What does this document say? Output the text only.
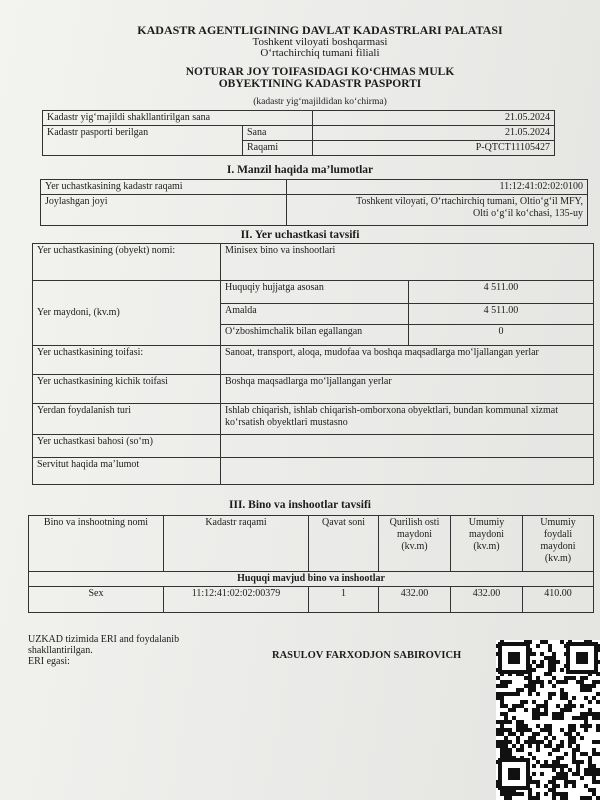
KADASTR AGENTLIGINING DAVLAT KADASTRLARI PALATASI
Toshkent viloyati boshqarmasi
O‘rtachirchiq tumani filiali
NOTURAR JOY TOIFASIDAGI KO‘CHMAS MULK
OBYEKTINING KADASTR PASPORTI
(kadastr yig‘majildidan ko‘chirma)
Kadastr yig‘majildi shakllantirilgan sana		21.05.2024
Kadastr pasporti berilgan	Sana	21.05.2024
	Raqami	P-QTCT11105427
I. Manzil haqida ma’lumotlar
Yer uchastkasining kadastr raqami	11:12:41:02:02:0100
Joylashgan joyi	Toshkent viloyati, O‘rtachirchiq tumani, Oltio‘g‘il MFY,
Olti o‘g‘il ko‘chasi, 135-uy
II. Yer uchastkasi tavsifi
Yer uchastkasining (obyekt) nomi:	Minisex bino va inshootlari	
Yer maydoni, (kv.m)	Huquqiy hujjatga asosan	4 511.00
	Amalda	4 511.00
	O‘zboshimchalik bilan egallangan	0
Yer uchastkasining toifasi:	Sanoat, transport, aloqa, mudofaa va boshqa maqsadlarga mo‘ljallangan yerlar	
Yer uchastkasining kichik toifasi	Boshqa maqsadlarga mo‘ljallangan yerlar	
Yerdan foydalanish turi	Ishlab chiqarish, ishlab chiqarish-omborxona obyektlari, bundan kommunal xizmat ko‘rsatish obyektlari mustasno	
Yer uchastkasi bahosi (so‘m)		
Servitut haqida ma’lumot		
III. Bino va inshootlar tavsifi
Bino va inshootning nomi	Kadastr raqami	Qavat soni	Qurilish osti maydoni (kv.m)	Umumiy maydoni (kv.m)	Umumiy foydali maydoni (kv.m)
Huquqi mavjud bino va inshootlar					
Sex	11:12:41:02:02:00379	1	432.00	432.00	410.00
UZKAD tizimida ERI and foydalanib
shakllantirilgan.
ERI egasi:
RASULOV FARXODJON SABIROVICH
